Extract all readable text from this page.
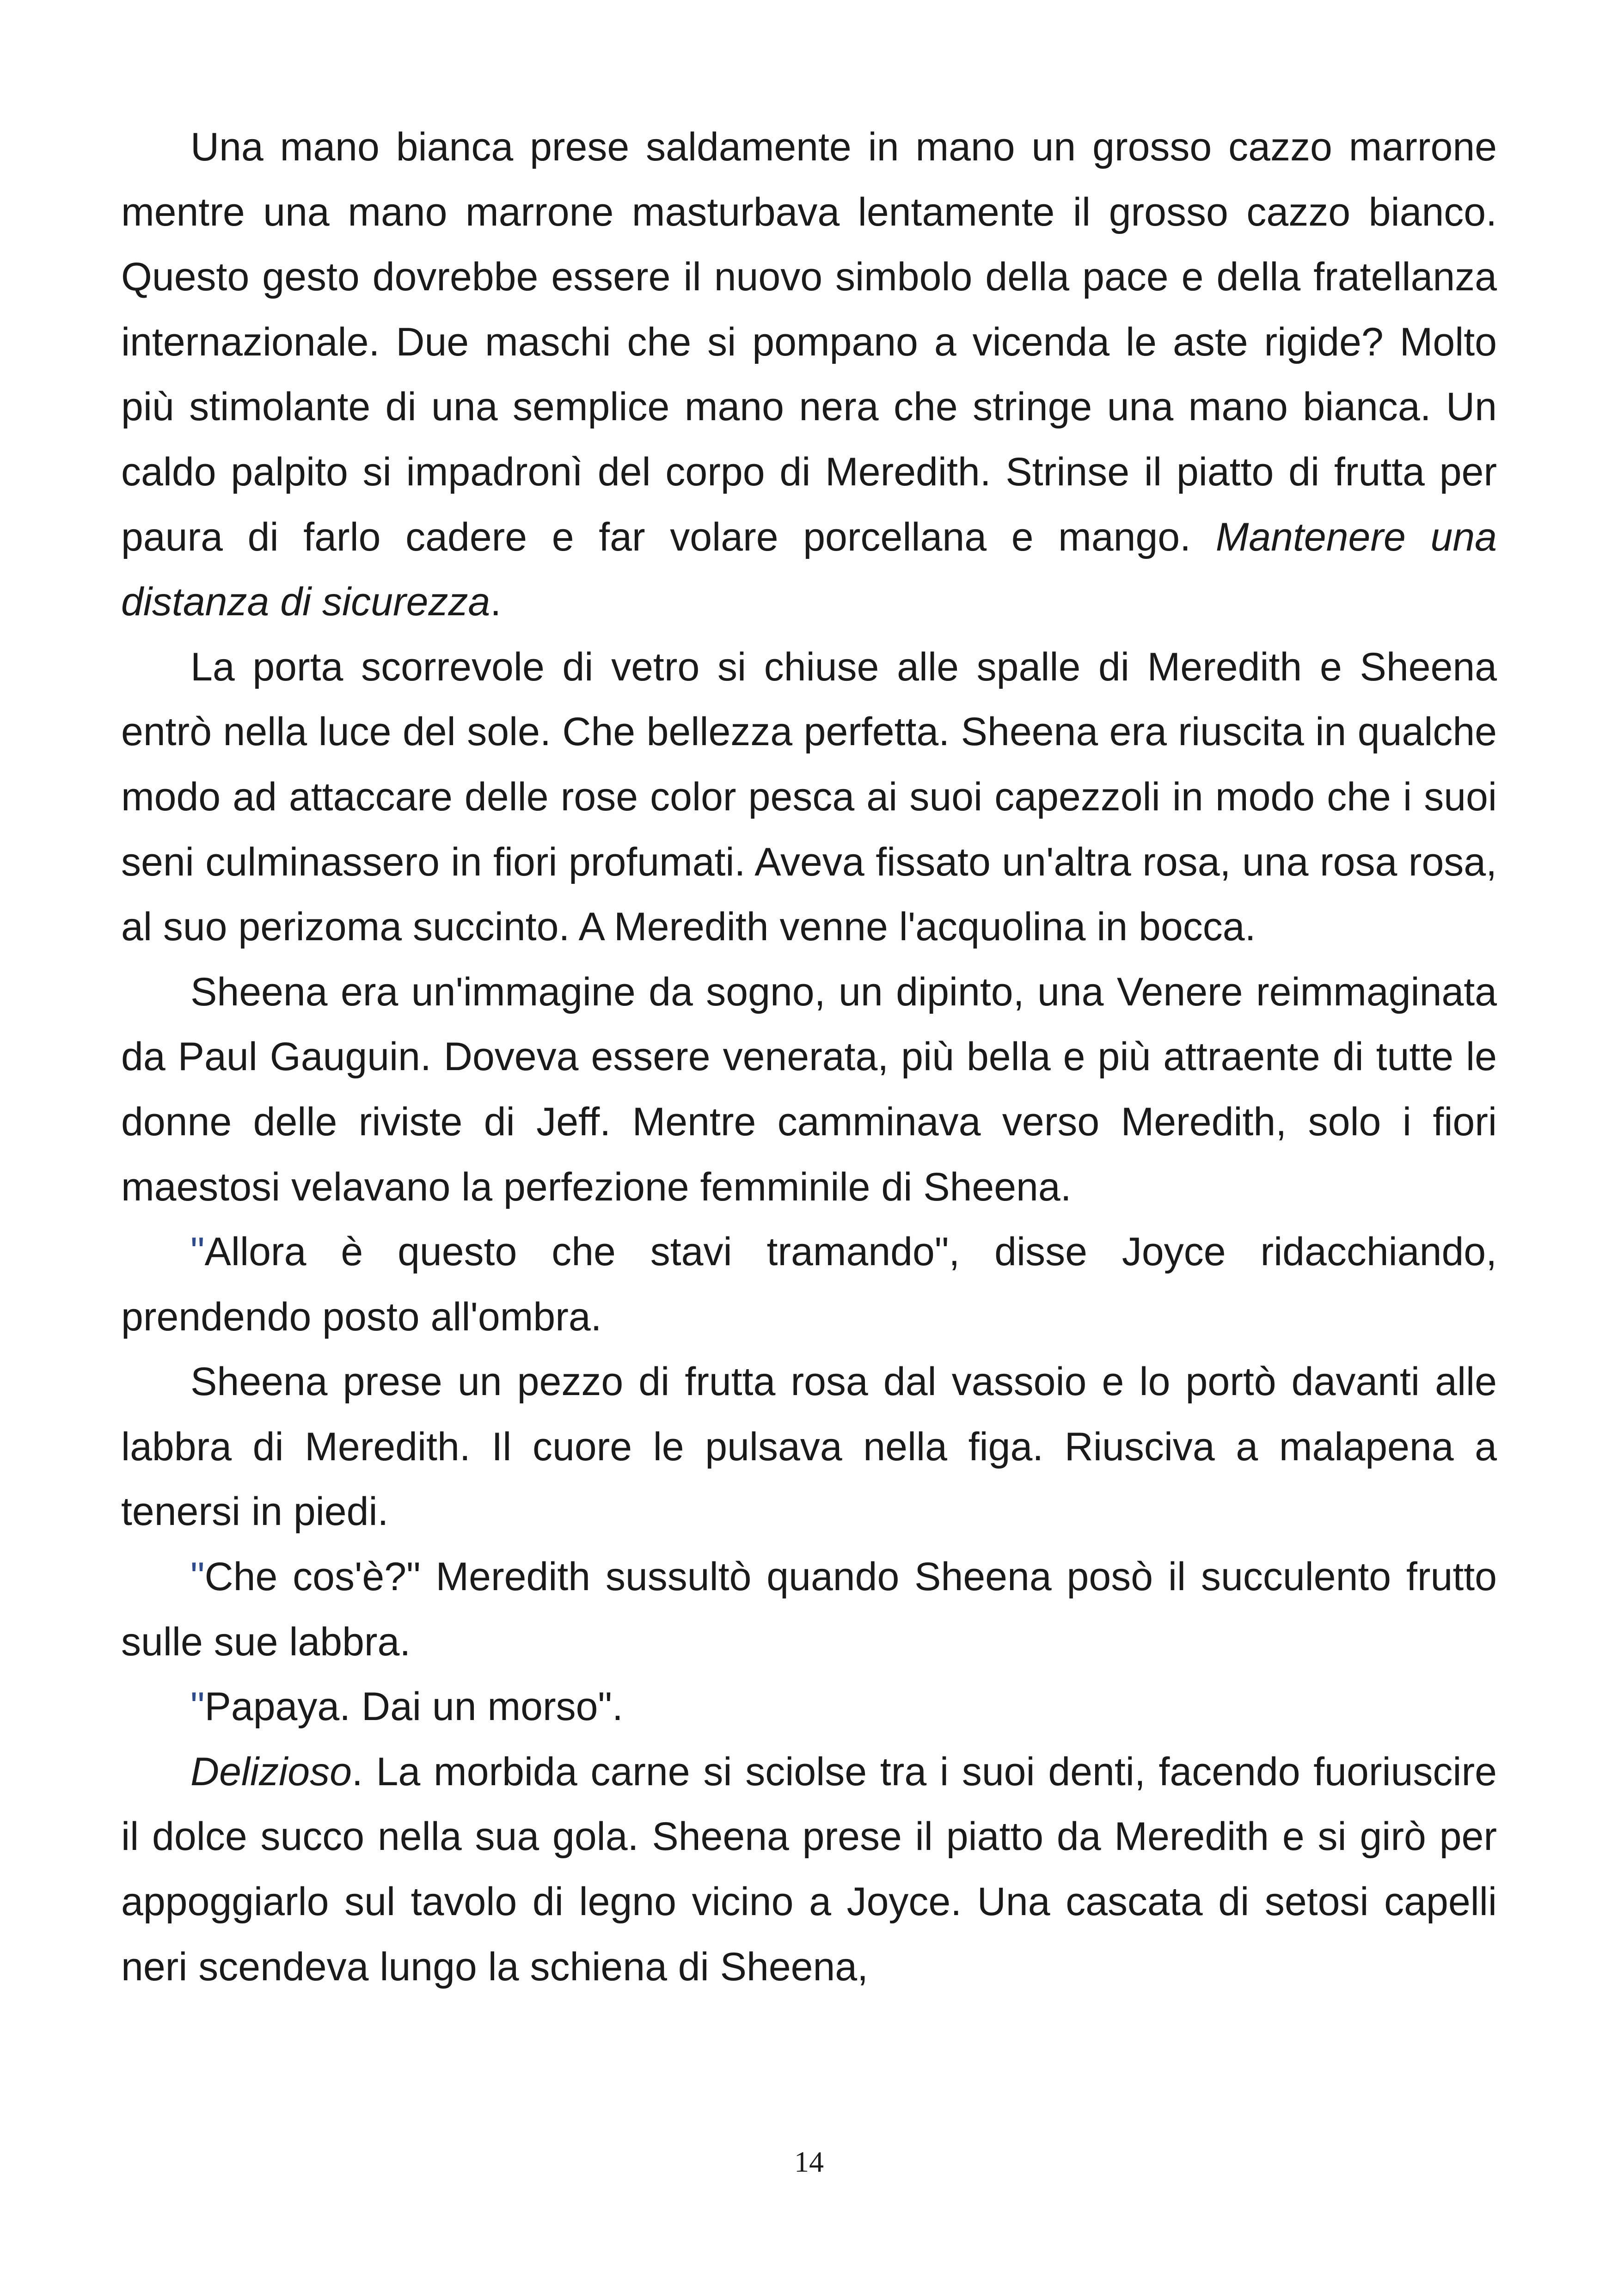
Una mano bianca prese saldamente in mano un grosso cazzo marrone mentre una mano marrone masturbava lentamente il grosso cazzo bianco. Questo gesto dovrebbe essere il nuovo simbolo della pace e della fratellanza internazionale. Due maschi che si pompano a vicenda le aste rigide? Molto più stimolante di una semplice mano nera che stringe una mano bianca. Un caldo palpito si impadronì del corpo di Meredith. Strinse il piatto di frutta per paura di farlo cadere e far volare porcellana e mango. Mantenere una distanza di sicurezza.

La porta scorrevole di vetro si chiuse alle spalle di Meredith e Sheena entrò nella luce del sole. Che bellezza perfetta. Sheena era riuscita in qualche modo ad attaccare delle rose color pesca ai suoi capezzoli in modo che i suoi seni culminassero in fiori profumati. Aveva fissato un'altra rosa, una rosa rosa, al suo perizoma succinto. A Meredith venne l'acquolina in bocca.

Sheena era un'immagine da sogno, un dipinto, una Venere reimmaginata da Paul Gauguin. Doveva essere venerata, più bella e più attraente di tutte le donne delle riviste di Jeff. Mentre camminava verso Meredith, solo i fiori maestosi velavano la perfezione femminile di Sheena.

"Allora è questo che stavi tramando", disse Joyce ridacchiando, prendendo posto all'ombra.

Sheena prese un pezzo di frutta rosa dal vassoio e lo portò davanti alle labbra di Meredith. Il cuore le pulsava nella figa. Riusciva a malapena a tenersi in piedi.

"Che cos'è?" Meredith sussultò quando Sheena posò il succulento frutto sulle sue labbra.

"Papaya. Dai un morso".

Delizioso. La morbida carne si sciolse tra i suoi denti, facendo fuoriuscire il dolce succo nella sua gola. Sheena prese il piatto da Meredith e si girò per appoggiarlo sul tavolo di legno vicino a Joyce. Una cascata di setosi capelli neri scendeva lungo la schiena di Sheena,

14
